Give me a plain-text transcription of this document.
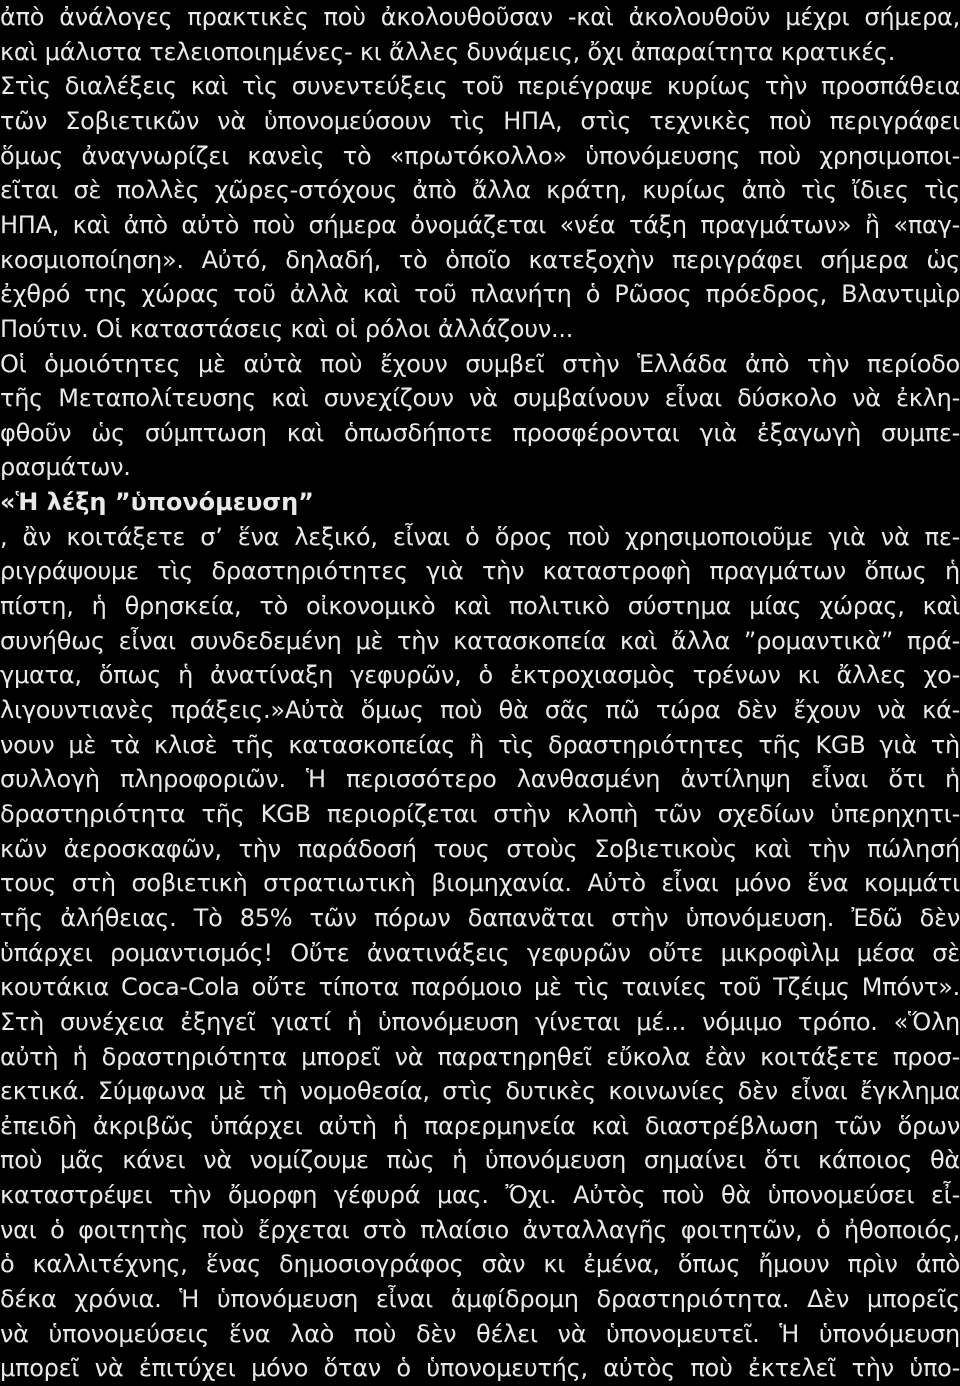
ἀπὸ ἀνάλογες πρακτικὲς ποὺ ἀκολουθοῦσαν -καὶ ἀκολουθοῦν μέχρι σήμερα,
καὶ μάλιστα τελειοποιημένες- κι ἄλλες δυνάμεις, ὄχι ἀπαραίτητα κρατικές.
Στὶς διαλέξεις καὶ τὶς συνεντεύξεις τοῦ περιέγραψε κυρίως τὴν προσπάθεια
τῶν Σοβιετικῶν νὰ ὑπονομεύσουν τὶς ΗΠΑ, στὶς τεχνικὲς ποὺ περιγράφει
ὅμως ἀναγνωρίζει κανεὶς τὸ «πρωτόκολλο» ὑπονόμευσης ποὺ χρησιμοποι-
εῖται σὲ πολλὲς χῶρες-στόχους ἀπὸ ἄλλα κράτη, κυρίως ἀπὸ τὶς ἴδιες τὶς
ΗΠΑ, καὶ ἀπὸ αὐτὸ ποὺ σήμερα ὀνομάζεται «νέα τάξη πραγμάτων» ἢ «παγ-
κοσμιοποίηση». Αὐτό, δηλαδή, τὸ ὁποῖο κατεξοχὴν περιγράφει σήμερα ὡς
ἐχθρό της χώρας τοῦ ἀλλὰ καὶ τοῦ πλανήτη ὁ Ρῶσος πρόεδρος, Βλαντιμὶρ
Πούτιν. Οἱ καταστάσεις καὶ οἱ ρόλοι ἀλλάζουν...
Οἱ ὁμοιότητες μὲ αὐτὰ ποὺ ἔχουν συμβεῖ στὴν Ἑλλάδα ἀπὸ τὴν περίοδο
τῆς Μεταπολίτευσης καὶ συνεχίζουν νὰ συμβαίνουν εἶναι δύσκολο νὰ ἐκλη-
φθοῦν ὡς σύμπτωση καὶ ὁπωσδήποτε προσφέρονται γιὰ ἐξαγωγὴ συμπε-
ρασμάτων.
«Ἡ λέξη ”ὑπονόμευση”
, ἂν κοιτάξετε σ’ ἕνα λεξικό, εἶναι ὁ ὅρος ποὺ χρησιμοποιοῦμε γιὰ νὰ πε-
ριγράψουμε τὶς δραστηριότητες γιὰ τὴν καταστροφὴ πραγμάτων ὅπως ἡ
πίστη, ἡ θρησκεία, τὸ οἰκονομικὸ καὶ πολιτικὸ σύστημα μίας χώρας, καὶ
συνήθως εἶναι συνδεδεμένη μὲ τὴν κατασκοπεία καὶ ἄλλα ”ρομαντικὰ” πρά-
γματα, ὅπως ἡ ἀνατίναξη γεφυρῶν, ὁ ἐκτροχιασμὸς τρένων κι ἄλλες χο-
λιγουντιανὲς πράξεις.»Αὐτὰ ὅμως ποὺ θὰ σᾶς πῶ τώρα δὲν ἔχουν νὰ κά-
νουν μὲ τὰ κλισὲ τῆς κατασκοπείας ἢ τὶς δραστηριότητες τῆς KGB γιὰ τὴ
συλλογὴ πληροφοριῶν. Ἡ περισσότερο λανθασμένη ἀντίληψη εἶναι ὅτι ἡ
δραστηριότητα τῆς KGB περιορίζεται στὴν κλοπὴ τῶν σχεδίων ὑπερηχητι-
κῶν ἀεροσκαφῶν, τὴν παράδοσή τους στοὺς Σοβιετικοὺς καὶ τὴν πώλησή
τους στὴ σοβιετικὴ στρατιωτικὴ βιομηχανία. Αὐτὸ εἶναι μόνο ἕνα κομμάτι
τῆς ἀλήθειας. Τὸ 85% τῶν πόρων δαπανᾶται στὴν ὑπονόμευση. Ἐδῶ δὲν
ὑπάρχει ρομαντισμός! Οὔτε ἀνατινάξεις γεφυρῶν οὔτε μικροφὶλμ μέσα σὲ
κουτάκια Coca-Cola οὔτε τίποτα παρόμοιο μὲ τὶς ταινίες τοῦ Τζέιμς Μπόντ».
Στὴ συνέχεια ἐξηγεῖ γιατί ἡ ὑπονόμευση γίνεται μέ... νόμιμο τρόπο. «Ὅλη
αὐτὴ ἡ δραστηριότητα μπορεῖ νὰ παρατηρηθεῖ εὔκολα ἐὰν κοιτάξετε προσ-
εκτικά. Σύμφωνα μὲ τὴ νομοθεσία, στὶς δυτικὲς κοινωνίες δὲν εἶναι ἔγκλημα
ἐπειδὴ ἀκριβῶς ὑπάρχει αὐτὴ ἡ παρερμηνεία καὶ διαστρέβλωση τῶν ὅρων
ποὺ μᾶς κάνει νὰ νομίζουμε πὼς ἡ ὑπονόμευση σημαίνει ὅτι κάποιος θὰ
καταστρέψει τὴν ὄμορφη γέφυρά μας. Ὄχι. Αὐτὸς ποὺ θὰ ὑπονομεύσει εἶ-
ναι ὁ φοιτητὴς ποὺ ἔρχεται στὸ πλαίσιο ἀνταλλαγῆς φοιτητῶν, ὁ ἠθοποιός,
ὁ καλλιτέχνης, ἕνας δημοσιογράφος σὰν κι ἐμένα, ὅπως ἤμουν πρὶν ἀπὸ
δέκα χρόνια. Ἡ ὑπονόμευση εἶναι ἀμφίδρομη δραστηριότητα. Δὲν μπορεῖς
νὰ ὑπονομεύσεις ἕνα λαὸ ποὺ δὲν θέλει νὰ ὑπονομευτεῖ. Ἡ ὑπονόμευση
μπορεῖ νὰ ἐπιτύχει μόνο ὅταν ὁ ὑπονομευτής, αὐτὸς ποὺ ἐκτελεῖ τὴν ὑπο-
